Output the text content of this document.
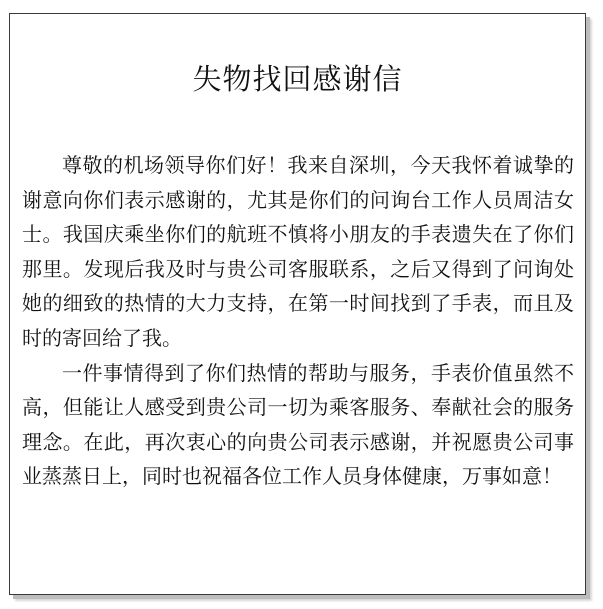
失物找回感谢信

尊敬的机场领导你们好！我来自深圳，今天我怀着诚挚的谢意向你们表示感谢的，尤其是你们的问询台工作人员周洁女士。我国庆乘坐你们的航班不慎将小朋友的手表遗失在了你们那里。发现后我及时与贵公司客服联系，之后又得到了问询处她的细致的热情的大力支持，在第一时间找到了手表，而且及时的寄回给了我。

一件事情得到了你们热情的帮助与服务，手表价值虽然不高，但能让人感受到贵公司一切为乘客服务、奉献社会的服务理念。在此，再次衷心的向贵公司表示感谢，并祝愿贵公司事业蒸蒸日上，同时也祝福各位工作人员身体健康，万事如意！
